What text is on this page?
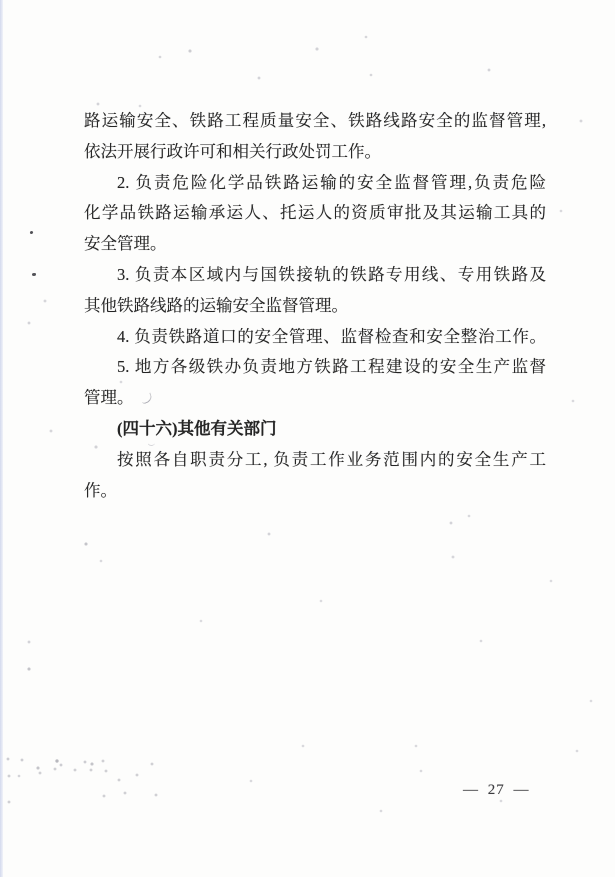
路运输安全、铁路工程质量安全、铁路线路安全的监督管理,
依法开展行政许可和相关行政处罚工作。
2. 负责危险化学品铁路运输的安全监督管理,负责危险
化学品铁路运输承运人、托运人的资质审批及其运输工具的
安全管理。
3. 负责本区域内与国铁接轨的铁路专用线、专用铁路及
其他铁路线路的运输安全监督管理。
4. 负责铁路道口的安全管理、监督检查和安全整治工作。
5. 地方各级铁办负责地方铁路工程建设的安全生产监督
管理。
(四十六)其他有关部门
按照各自职责分工, 负责工作业务范围内的安全生产工
作。
— 27 —
